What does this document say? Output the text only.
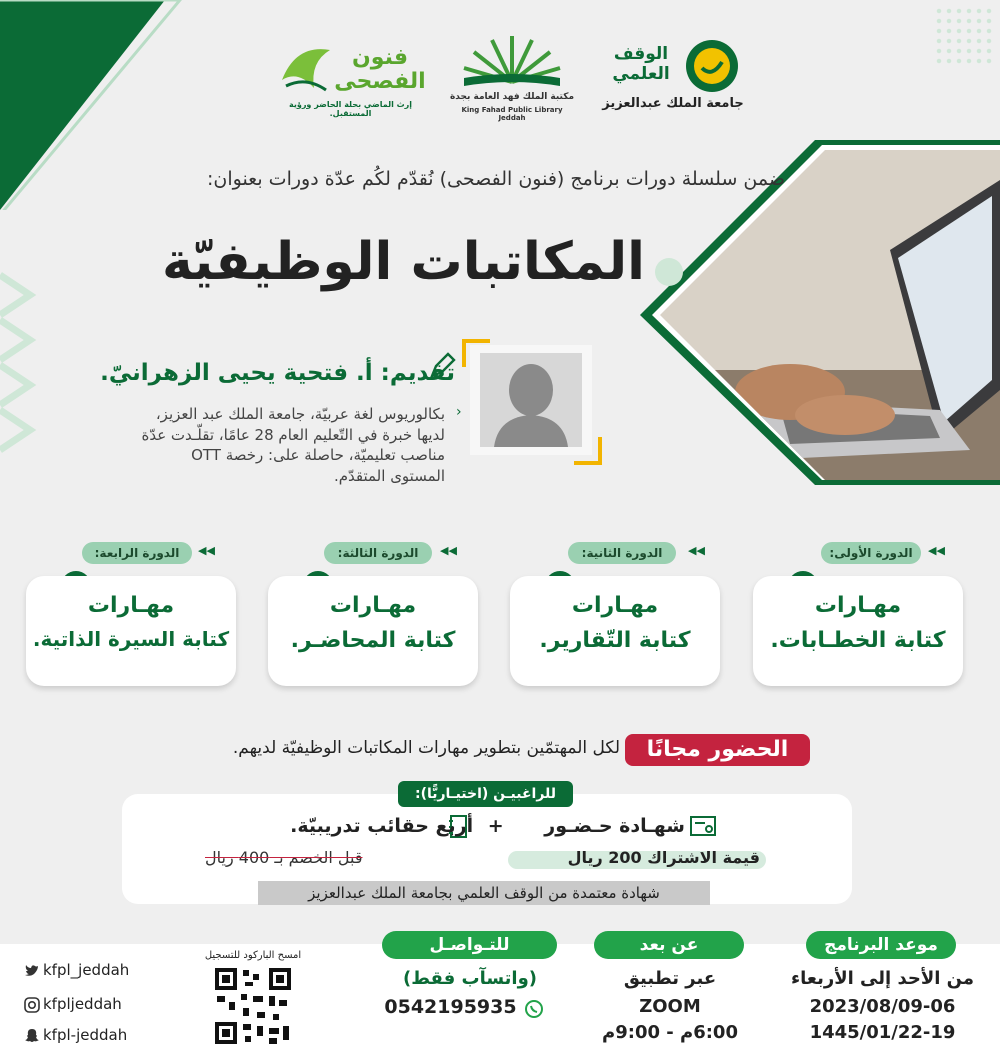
الوقف العلمي
جامعة الملك عبدالعزيز
مكتبة الملك فهد العامة بجدة
King Fahad Public Library Jeddah
فنون الفصحى
إرث الماضي بحلة الحاضر ورؤية المستقبل.
ضمن سلسلة دورات برنامج (فنون الفصحى) نُقدّم لكُم عدّة دورات بعنوان:
المكاتبات الوظيفيّة
تقديم: أ. فتحية يحيى الزهرانيّ.
›
بكالوريوس لغة عربيّة، جامعة الملك عبد العزيز، لديها خبرة في التّعليم العام 28 عامًا، تقلّـدت عدّة مناصب تعليميّة، حاصلة على: رخصة OTT المستوى المتقدّم.
◀◀
الدورة الأولى:
مهـارات
كتابة الخطـابات.
◀◀
الدورة الثانية:
مهـارات
كتابة التّقارير.
◀◀
الدورة الثالثة:
مهـارات
كتابة المحاضـر.
◀◀
الدورة الرابعة:
مهـارات
كتابة السيرة الذاتية.
الحضور مجانًا
لكل المهتمّين بتطوير مهارات المكاتبات الوظيفيّة لديهم.
للراغبيـن (اختيـاريًّا):
شهـادة حـضـور + أربع حقائب تدريبيّة.
قيمة الاشتراك 200 ريال
قبل الخصم بـ 400 ريال
شهادة معتمدة من الوقف العلمي بجامعة الملك عبدالعزيز
موعد البرنامج
من الأحد إلى الأربعاء
2023/08/09-06
1445/01/22-19
عن بعد
عبر تطبيق
ZOOM
6:00م - 9:00م
للتـواصـل
(واتسآب فقط)
0542195935
امسح الباركود للتسجيل
kfpl_jeddah
kfpljeddah
kfpl-jeddah
